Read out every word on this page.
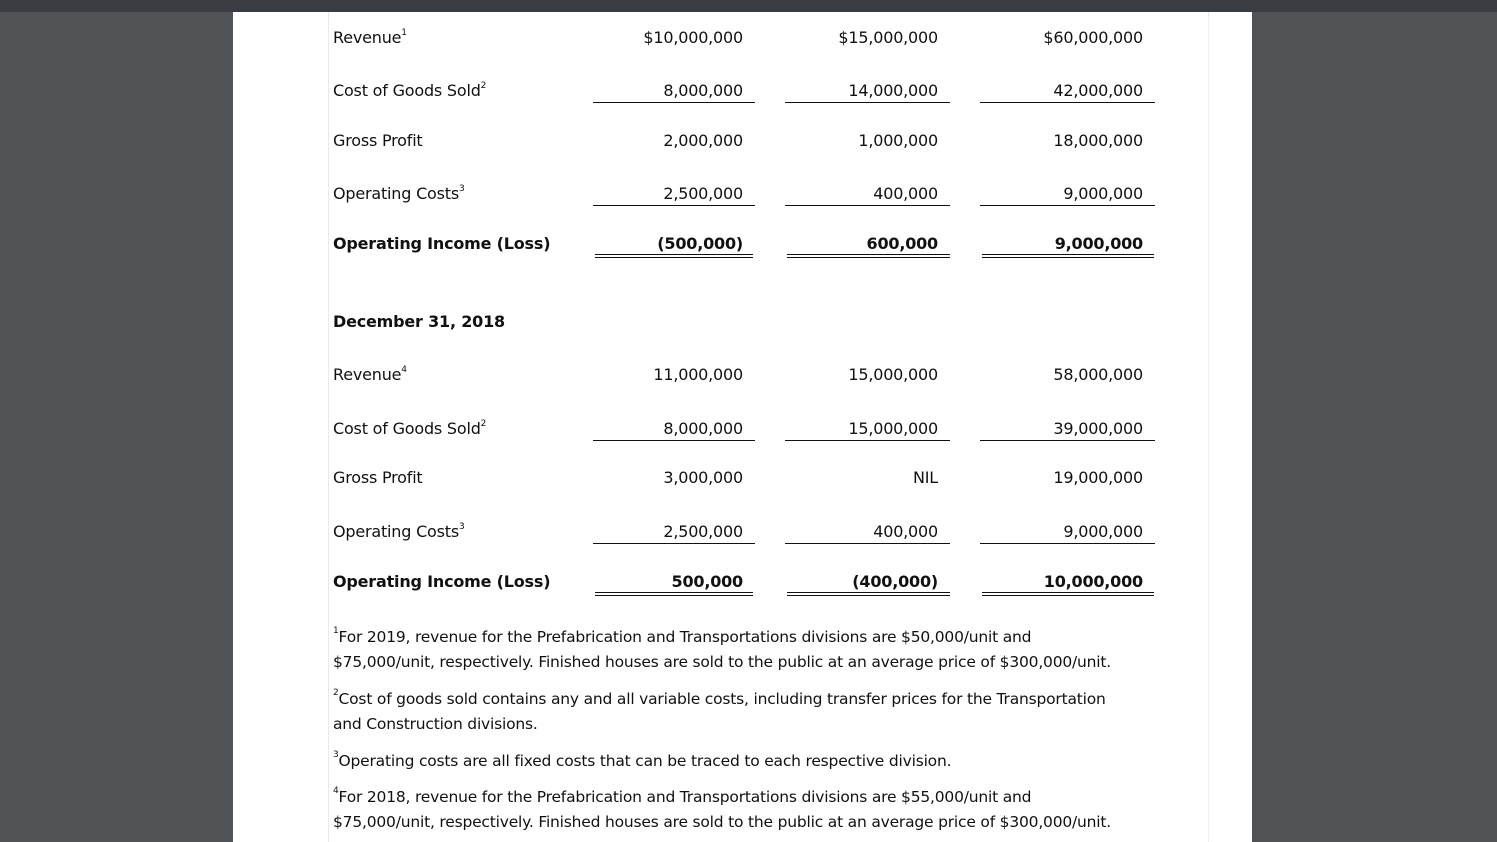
Revenue$^1$	$10,000,000	$15,000,000	$60,000,000
Cost of Goods Sold$^2$	8,000,000	14,000,000	42,000,000
Gross Profit	2,000,000	1,000,000	18,000,000
Operating Costs$^3$	2,500,000	400,000	9,000,000
Operating Income (Loss)	(500,000)	600,000	9,000,000
December 31, 2018
Revenue$^4$	11,000,000	15,000,000	58,000,000
Cost of Goods Sold$^2$	8,000,000	15,000,000	39,000,000
Gross Profit	3,000,000	NIL	19,000,000
Operating Costs$^3$	2,500,000	400,000	9,000,000
Operating Income (Loss)	500,000	(400,000)	10,000,000
$^1$For 2019, revenue for the Prefabrication and Transportations divisions are $50,000/unit and $75,000/unit, respectively. Finished houses are sold to the public at an average price of $300,000/unit.
$^2$Cost of goods sold contains any and all variable costs, including transfer prices for the Transportation and Construction divisions.
$^3$Operating costs are all fixed costs that can be traced to each respective division.
$^4$For 2018, revenue for the Prefabrication and Transportations divisions are $55,000/unit and $75,000/unit, respectively. Finished houses are sold to the public at an average price of $300,000/unit.
